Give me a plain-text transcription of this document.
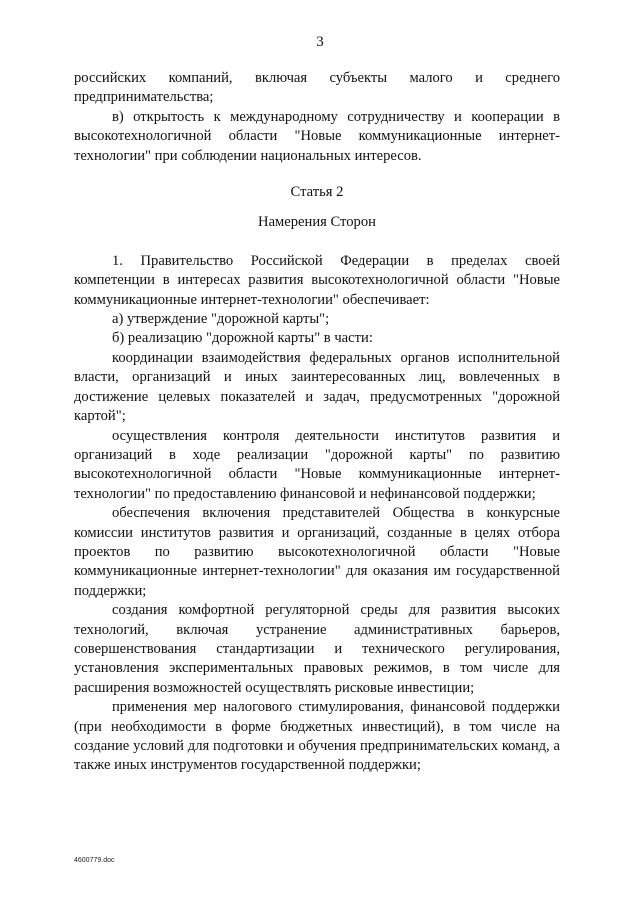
3

российских компаний, включая субъекты малого и среднего предпринимательства;

в) открытость к международному сотрудничеству и кооперации в высокотехнологичной области "Новые коммуникационные интернет-технологии" при соблюдении национальных интересов.

Статья 2

Намерения Сторон

1. Правительство Российской Федерации в пределах своей компетенции в интересах развития высокотехнологичной области "Новые коммуникационные интернет-технологии" обеспечивает:

а) утверждение "дорожной карты";

б) реализацию "дорожной карты" в части:

координации взаимодействия федеральных органов исполнительной власти, организаций и иных заинтересованных лиц, вовлеченных в достижение целевых показателей и задач, предусмотренных "дорожной картой";

осуществления контроля деятельности институтов развития и организаций в ходе реализации "дорожной карты" по развитию высокотехнологичной области "Новые коммуникационные интернет-технологии" по предоставлению финансовой и нефинансовой поддержки;

обеспечения включения представителей Общества в конкурсные комиссии институтов развития и организаций, созданные в целях отбора проектов по развитию высокотехнологичной области "Новые коммуникационные интернет-технологии" для оказания им государственной поддержки;

создания комфортной регуляторной среды для развития высоких технологий, включая устранение административных барьеров, совершенствования стандартизации и технического регулирования, установления экспериментальных правовых режимов, в том числе для расширения возможностей осуществлять рисковые инвестиции;

применения мер налогового стимулирования, финансовой поддержки (при необходимости в форме бюджетных инвестиций), в том числе на создание условий для подготовки и обучения предпринимательских команд, а также иных инструментов государственной поддержки;

4600779.doc
